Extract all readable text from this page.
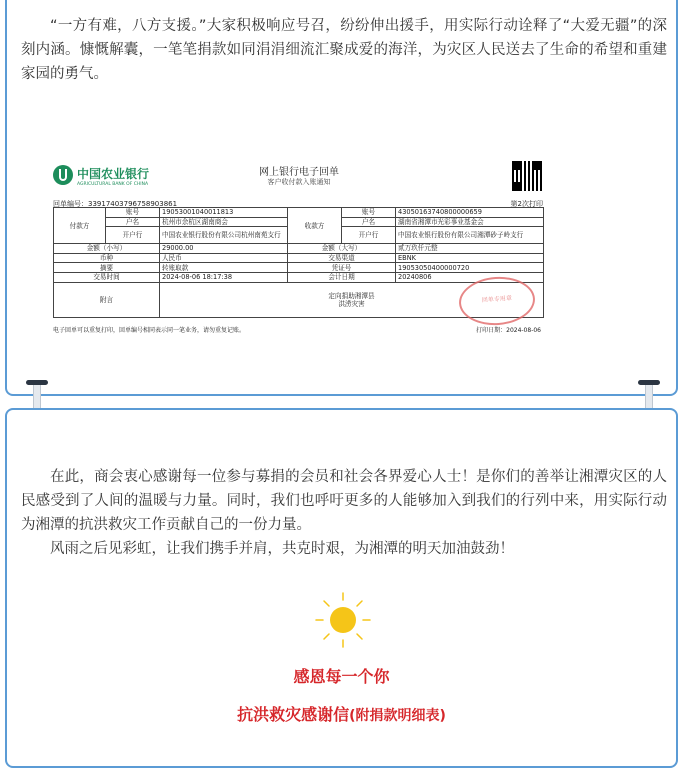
“一方有难，八方支援。”大家积极响应号召，纷纷伸出援手，用实际行动诠释了“大爱无疆”的深刻内涵。慷慨解囊，一笔笔捐款如同涓涓细流汇聚成爱的海洋，为灾区人民送去了生命的希望和重建家园的勇气。

中国农业银行
AGRICULTURAL BANK OF CHINA
网上银行电子回单
客户收付款入账通知
回单编号：33917403796758903861	第2次打印
付款方	账号	19053001040011813	收款方	账号	43050163740800000659
	户名	杭州市余杭区湖南商会		户名	湖南省湘潭市光彩事业基金会
	开户行	中国农业银行股份有限公司杭州南苑支行		开户行	中国农业银行股份有限公司湘潭砂子岭支行
金额（小写）		29000.00	金额（大写）		贰万玖仟元整
币种		人民币	交易渠道		EBNK
摘要		转账取款	凭证号		19053050400000720
交易时间		2024-08-06 18:17:38	会计日期		20240806
附言		定向捐助湘潭县
洪涝灾害				回单专用章
电子回单可以重复打印，回单编号相同表示同一笔业务，请勿重复记账。	打印日期：2024-08-06

在此，商会衷心感谢每一位参与募捐的会员和社会各界爱心人士！是你们的善举让湘潭灾区的人民感受到了人间的温暖与力量。同时，我们也呼吁更多的人能够加入到我们的行列中来，用实际行动为湘潭的抗洪救灾工作贡献自己的一份力量。

风雨之后见彩虹，让我们携手并肩，共克时艰，为湘潭的明天加油鼓劲！

感恩每一个你
抗洪救灾感谢信(附捐款明细表)
